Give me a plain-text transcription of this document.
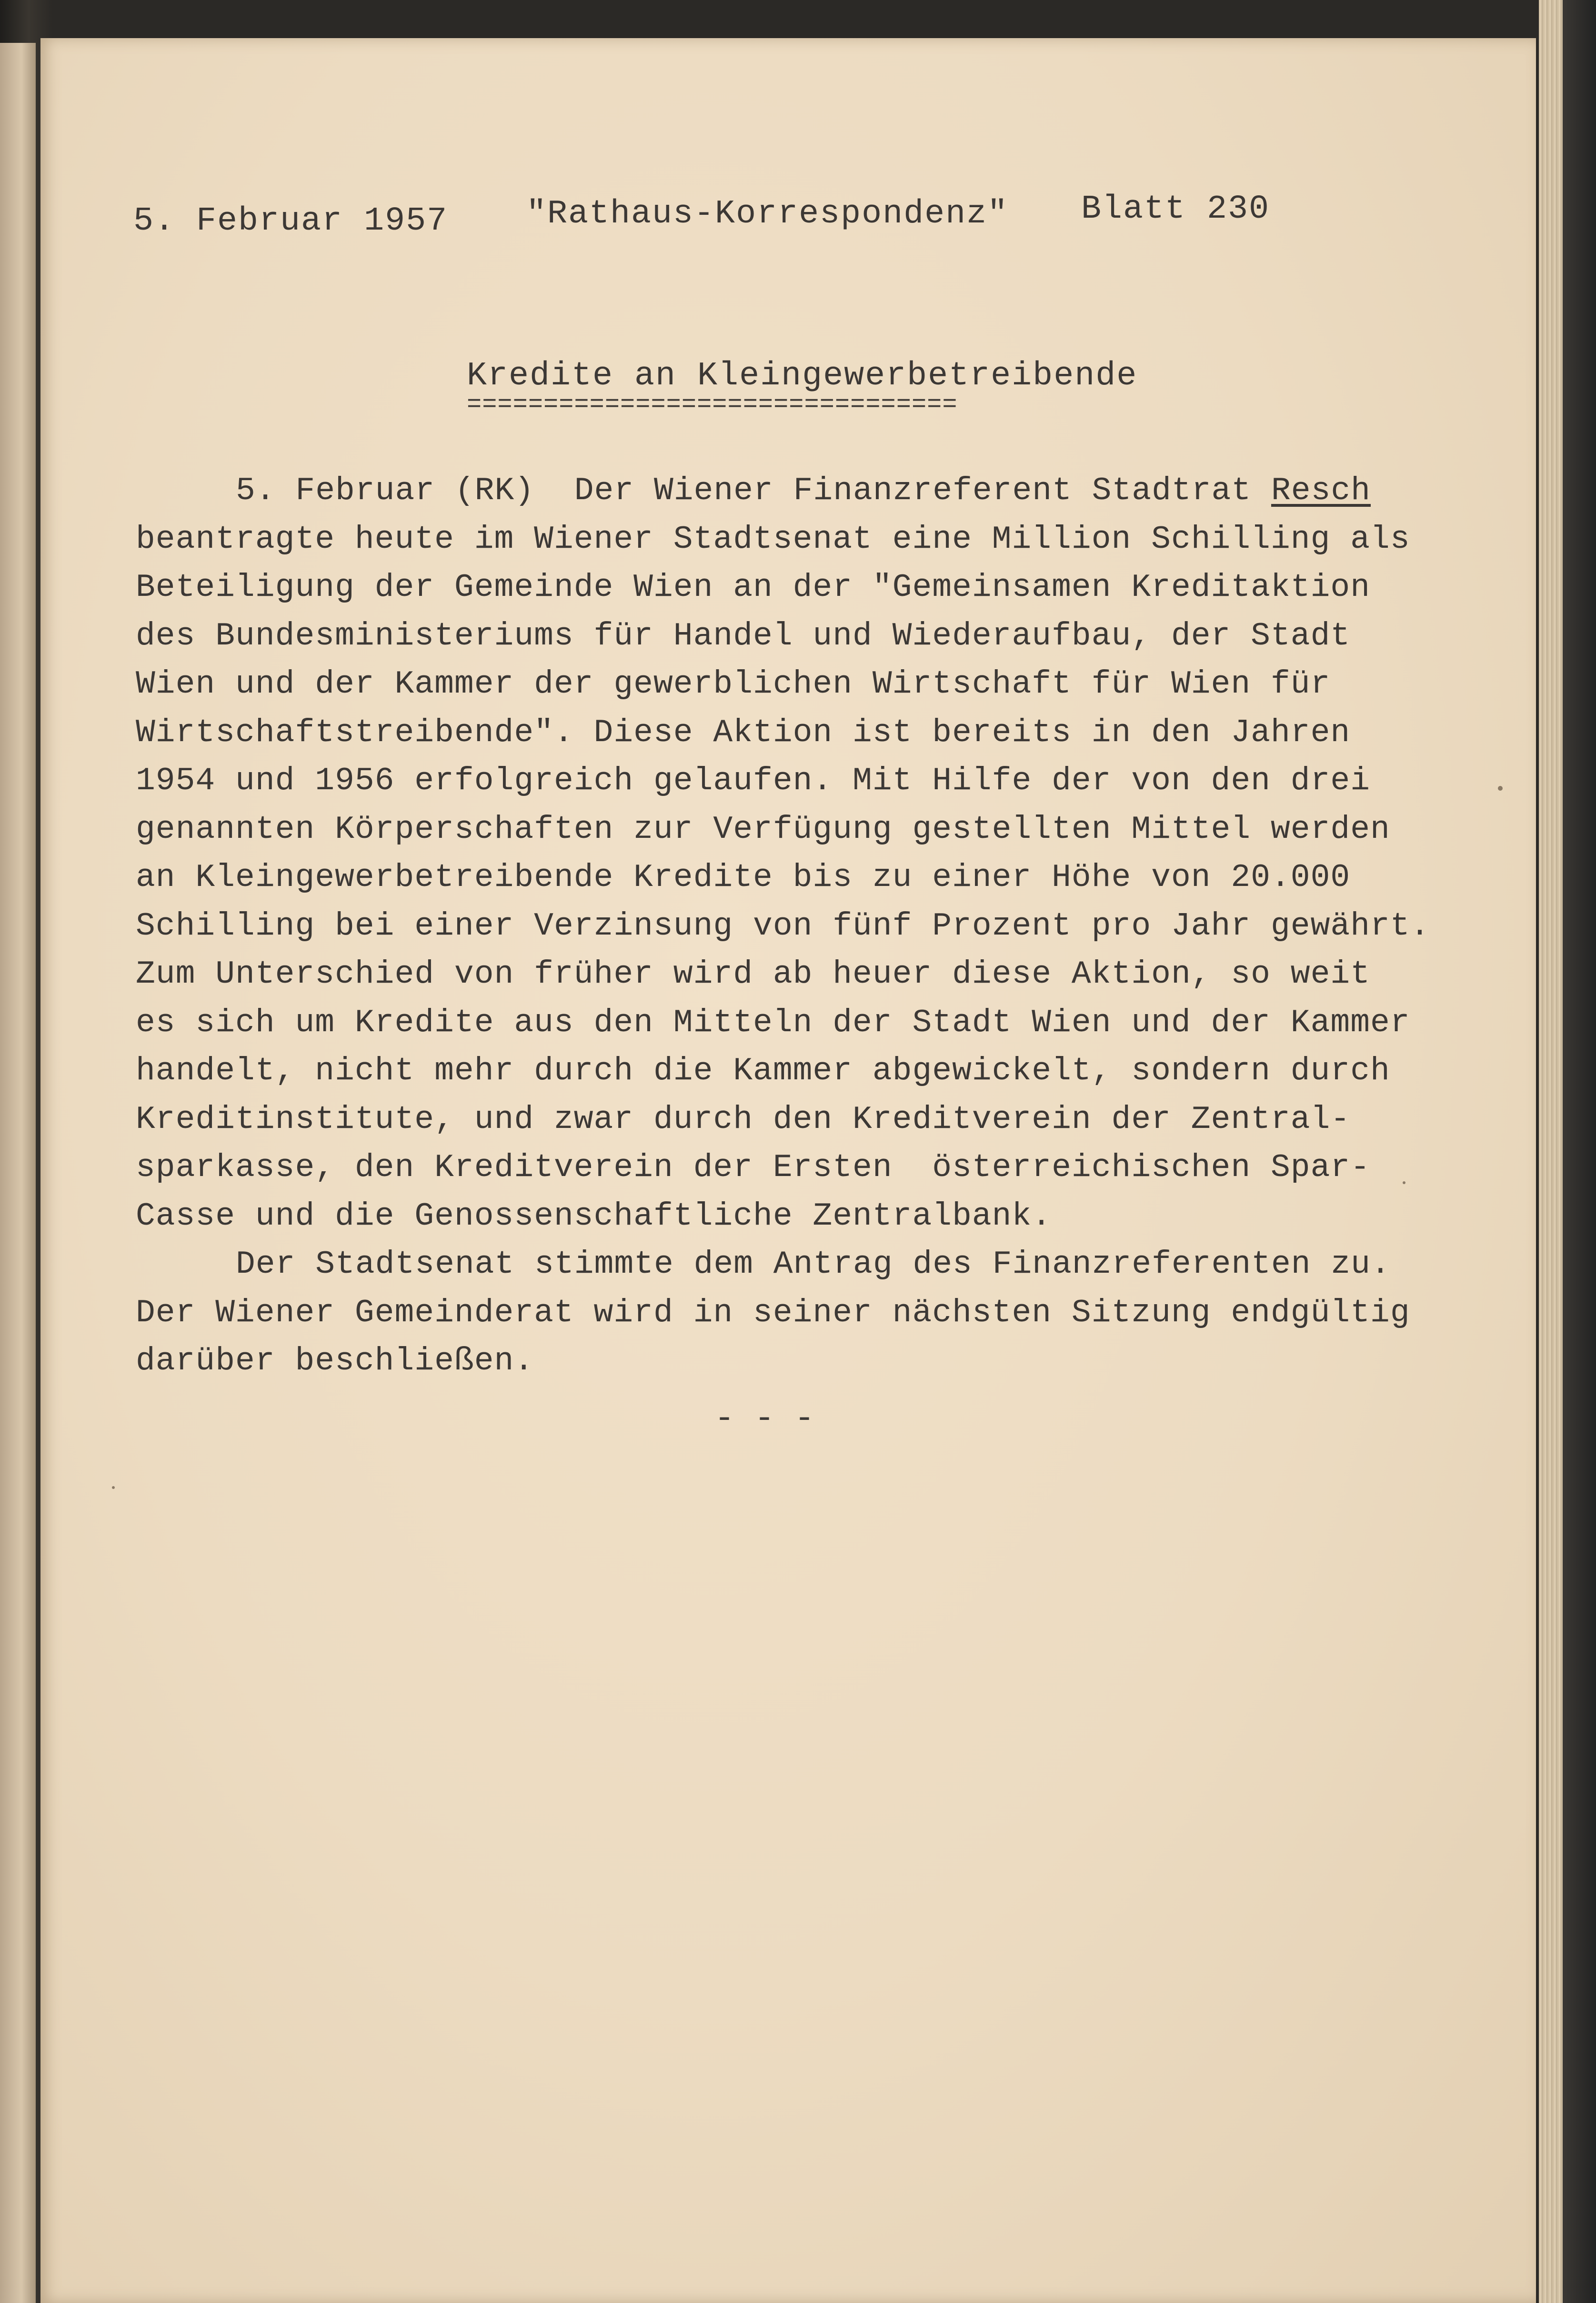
5. Februar 1957 "Rathaus-Korrespondenz" Blatt 230
Kredite an Kleingewerbetreibende
================================
5. Februar (RK)  Der Wiener Finanzreferent Stadtrat Resch
beantragte heute im Wiener Stadtsenat eine Million Schilling als
Beteiligung der Gemeinde Wien an der "Gemeinsamen Kreditaktion
des Bundesministeriums für Handel und Wiederaufbau, der Stadt
Wien und der Kammer der gewerblichen Wirtschaft für Wien für
Wirtschaftstreibende". Diese Aktion ist bereits in den Jahren
1954 und 1956 erfolgreich gelaufen. Mit Hilfe der von den drei
genannten Körperschaften zur Verfügung gestellten Mittel werden
an Kleingewerbetreibende Kredite bis zu einer Höhe von 20.000
Schilling bei einer Verzinsung von fünf Prozent pro Jahr gewährt.
Zum Unterschied von früher wird ab heuer diese Aktion, so weit
es sich um Kredite aus den Mitteln der Stadt Wien und der Kammer
handelt, nicht mehr durch die Kammer abgewickelt, sondern durch
Kreditinstitute, und zwar durch den Kreditverein der Zentral-
sparkasse, den Kreditverein der Ersten  österreichischen Spar-
Casse und die Genossenschaftliche Zentralbank.
Der Stadtsenat stimmte dem Antrag des Finanzreferenten zu.
Der Wiener Gemeinderat wird in seiner nächsten Sitzung endgültig
darüber beschließen.
- - -
